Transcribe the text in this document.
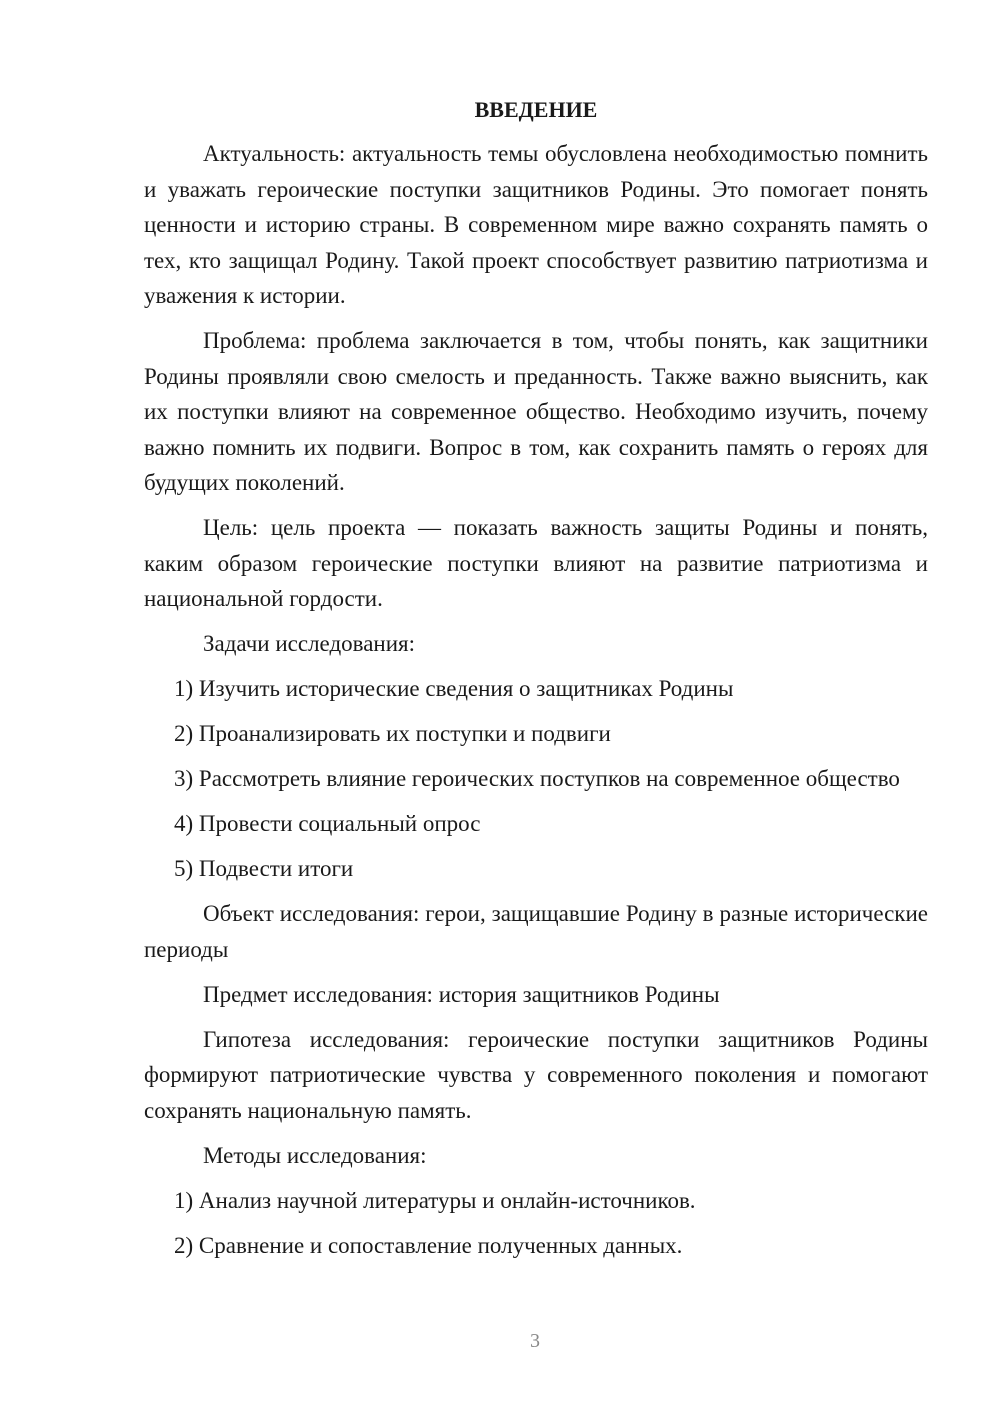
ВВЕДЕНИЕ

Актуальность: актуальность темы обусловлена необходимостью помнить и уважать героические поступки защитников Родины. Это помогает понять ценности и историю страны. В современном мире важно сохранять память о тех, кто защищал Родину. Такой проект способствует развитию патриотизма и уважения к истории.

Проблема: проблема заключается в том, чтобы понять, как защитники Родины проявляли свою смелость и преданность. Также важно выяснить, как их поступки влияют на современное общество. Необходимо изучить, почему важно помнить их подвиги. Вопрос в том, как сохранить память о героях для будущих поколений.

Цель: цель проекта — показать важность защиты Родины и понять, каким образом героические поступки влияют на развитие патриотизма и национальной гордости.

Задачи исследования:

1) Изучить исторические сведения о защитниках Родины

2) Проанализировать их поступки и подвиги

3) Рассмотреть влияние героических поступков на современное общество

4) Провести социальный опрос

5) Подвести итоги

Объект исследования: герои, защищавшие Родину в разные исторические периоды

Предмет исследования: история защитников Родины

Гипотеза исследования: героические поступки защитников Родины формируют патриотические чувства у современного поколения и помогают сохранять национальную память.

Методы исследования:

1) Анализ научной литературы и онлайн-источников.

2) Сравнение и сопоставление полученных данных.

3
